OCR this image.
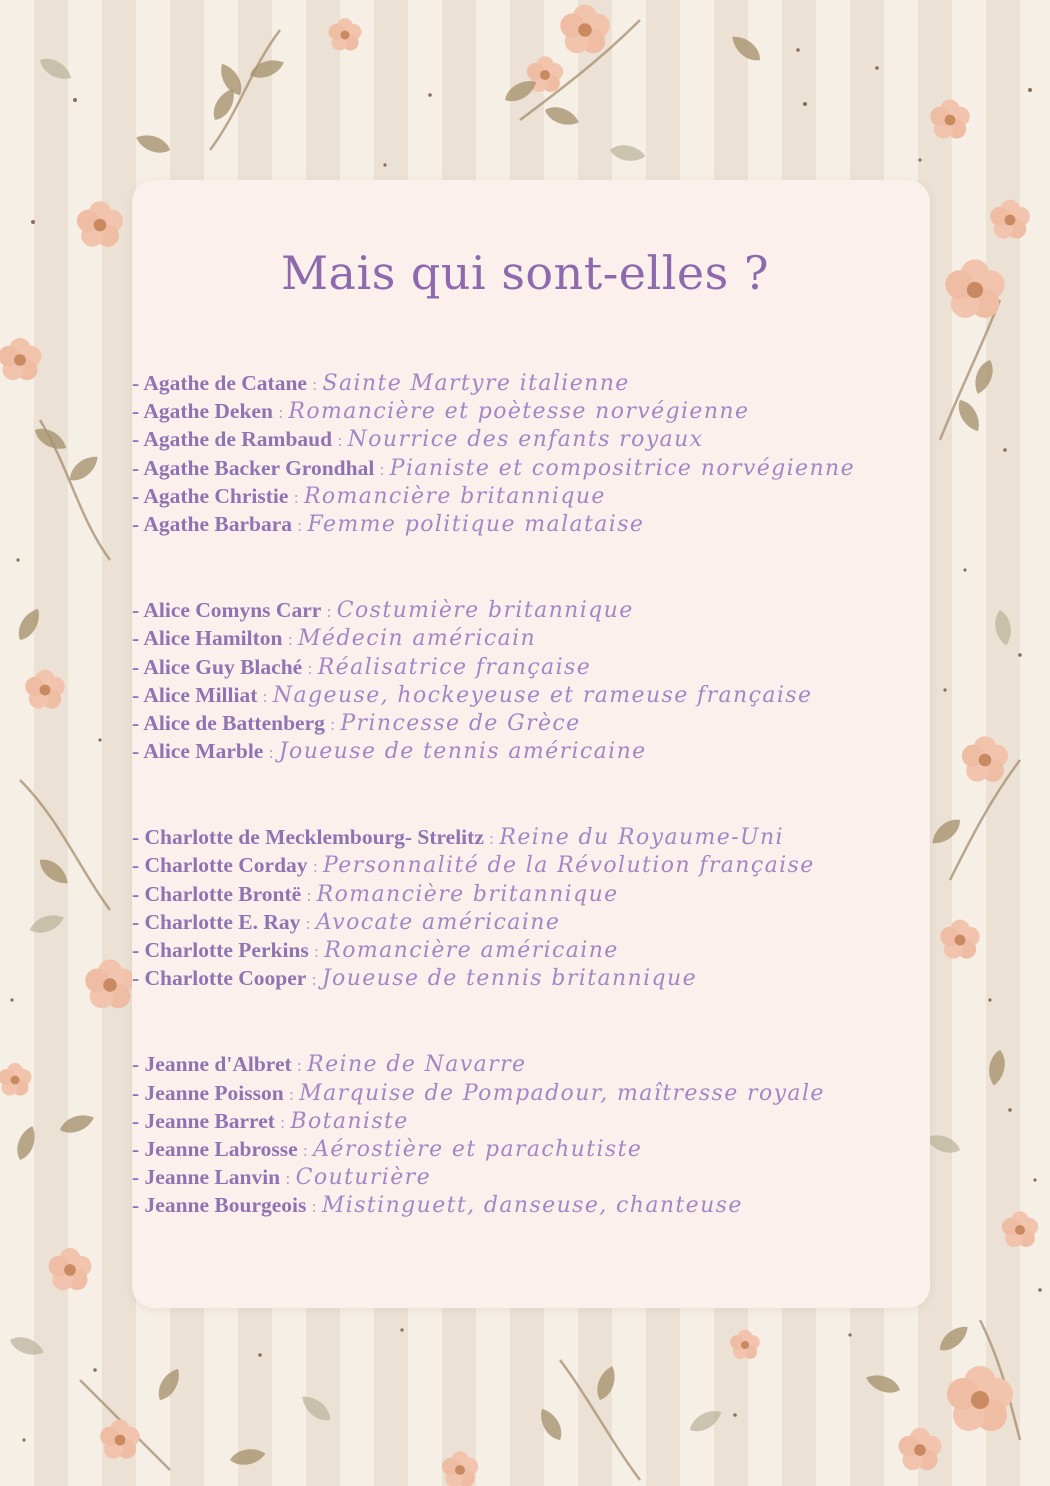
Mais qui sont-elles ?
- Agathe de Catane : Sainte Martyre italienne
- Agathe Deken : Romancière et poètesse norvégienne
- Agathe de Rambaud : Nourrice des enfants royaux
- Agathe Backer Grondhal : Pianiste et compositrice norvégienne
- Agathe Christie : Romancière britannique
- Agathe Barbara : Femme politique malataise
- Alice Comyns Carr : Costumière britannique
- Alice Hamilton : Médecin américain
- Alice Guy Blaché : Réalisatrice française
- Alice Milliat : Nageuse, hockeyeuse et rameuse française
- Alice de Battenberg : Princesse de Grèce
- Alice Marble : Joueuse de tennis américaine
- Charlotte de Mecklembourg- Strelitz : Reine du Royaume-Uni
- Charlotte Corday : Personnalité de la Révolution française
- Charlotte Brontë : Romancière britannique
- Charlotte E. Ray : Avocate américaine
- Charlotte Perkins : Romancière américaine
- Charlotte Cooper : Joueuse de tennis britannique
- Jeanne d'Albret : Reine de Navarre
- Jeanne Poisson : Marquise de Pompadour, maîtresse royale
- Jeanne Barret : Botaniste
- Jeanne Labrosse : Aérostière et parachutiste
- Jeanne Lanvin : Couturière
- Jeanne Bourgeois : Mistinguett, danseuse, chanteuse
